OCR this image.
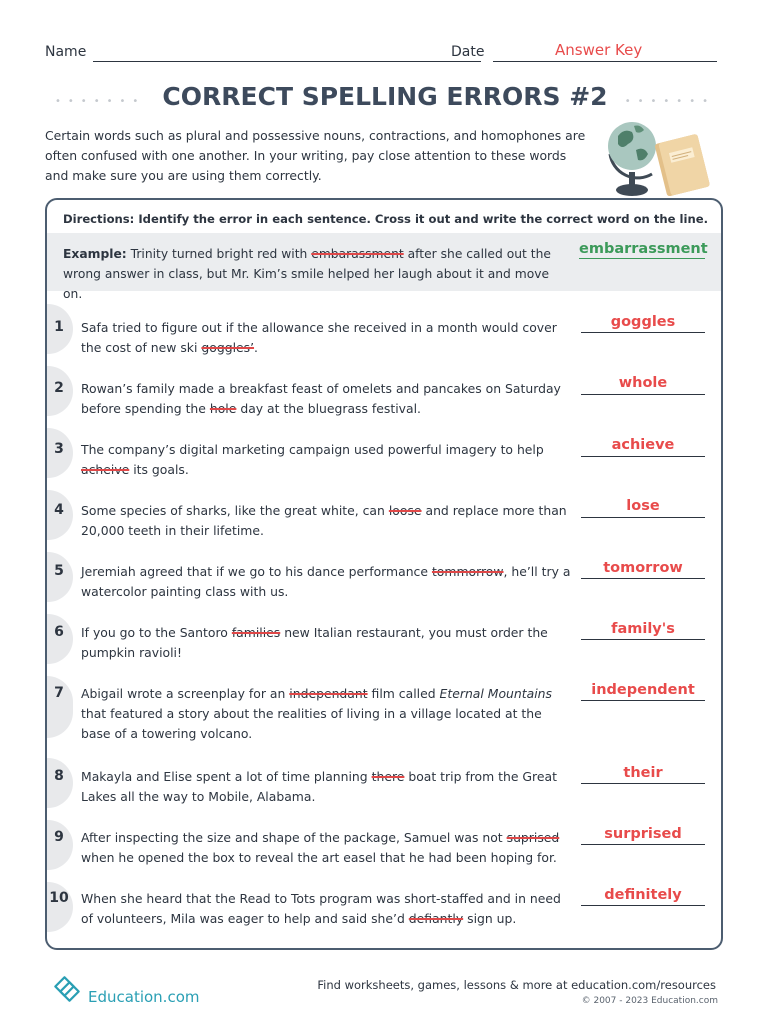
Name	Date	Answer Key
•••••••	•••••••
CORRECT SPELLING ERRORS #2

Certain words such as plural and possessive nouns, contractions, and homophones are often confused with one another. In your writing, pay close attention to these words and make sure you are using them correctly.

Directions: Identify the error in each sentence. Cross it out and write the correct word on the line.

Example: Trinity turned bright red with embarassment after she called out the wrong answer in class, but Mr. Kim’s smile helped her laugh about it and move on.

embarrassment
1	Safa tried to figure out if the allowance she received in a month would cover the cost of new ski goggles’.

goggles
2	Rowan’s family made a breakfast feast of omelets and pancakes on Saturday before spending the hole day at the bluegrass festival.

whole
3	The company’s digital marketing campaign used powerful imagery to help acheive its goals.

achieve
4	Some species of sharks, like the great white, can loose and replace more than 20,000 teeth in their lifetime.

lose
5	Jeremiah agreed that if we go to his dance performance tommorrow, he’ll try a watercolor painting class with us.

tomorrow
6	If you go to the Santoro families new Italian restaurant, you must order the pumpkin ravioli!

family's
7	Abigail wrote a screenplay for an independant film called Eternal Mountains that featured a story about the realities of living in a village located at the base of a towering volcano.

independent
8	Makayla and Elise spent a lot of time planning there boat trip from the Great Lakes all the way to Mobile, Alabama.

their
9	After inspecting the size and shape of the package, Samuel was not suprised when he opened the box to reveal the art easel that he had been hoping for.

surprised
10 When she heard that the Read to Tots program was short-staffed and in need of volunteers, Mila was eager to help and said she’d defiantly sign up.

definitely
Education.com
Find worksheets, games, lessons & more at education.com/resources
© 2007 - 2023 Education.com
